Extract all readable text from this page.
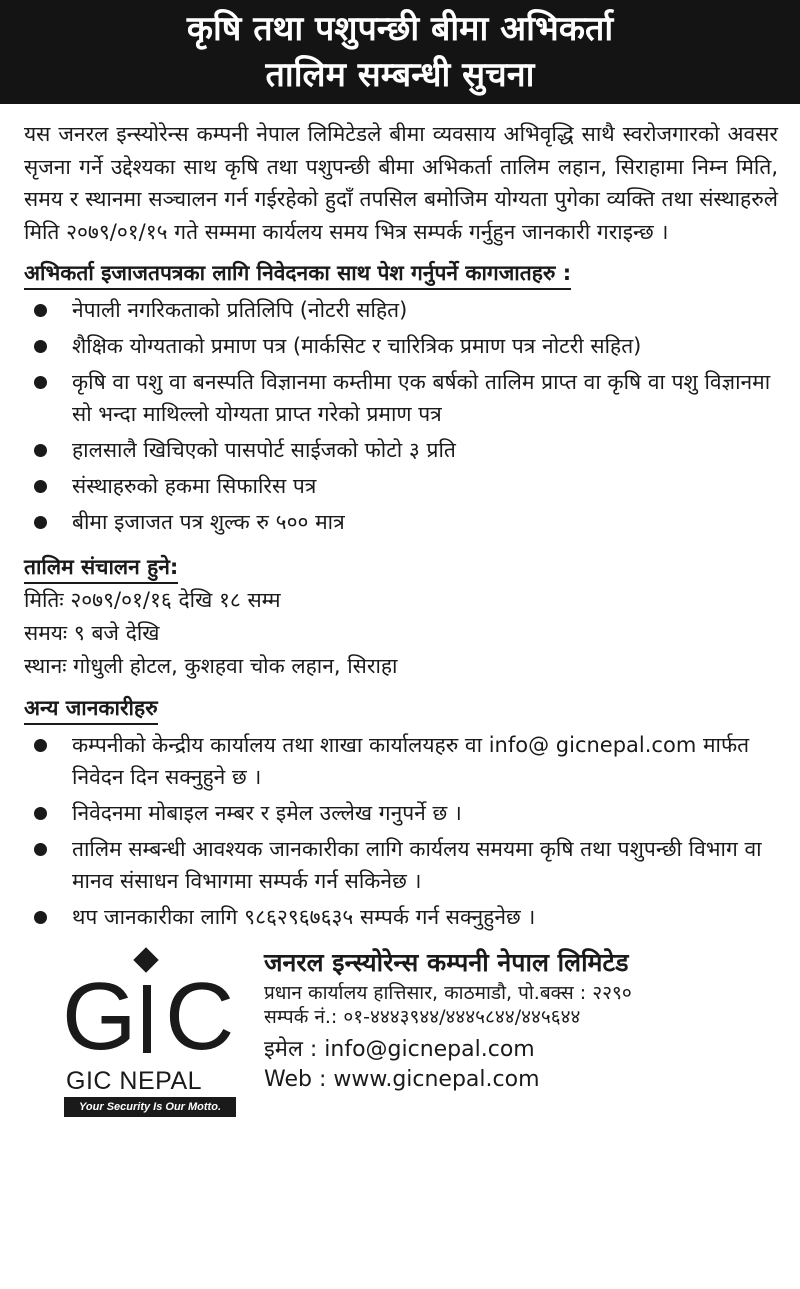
कृषि तथा पशुपन्छी बीमा अभिकर्ता
तालिम सम्बन्धी सुचना

यस जनरल इन्स्योरेन्स कम्पनी नेपाल लिमिटेडले बीमा व्यवसाय अभिवृद्धि साथै स्वरोजगारको अवसर सृजना गर्ने उद्देश्यका साथ कृषि तथा पशुपन्छी बीमा अभिकर्ता तालिम लहान, सिराहामा निम्न मिति, समय र स्थानमा सञ्चालन गर्न गईरहेको हुदाँ तपसिल बमोजिम योग्यता पुगेका व्यक्ति तथा संस्थाहरुले मिति २०७९/०१/१५ गते सम्ममा कार्यलय समय भित्र सम्पर्क गर्नुहुन जानकारी गराइन्छ ।

अभिकर्ता इजाजतपत्रका लागि निवेदनका साथ पेश गर्नुपर्ने कागजातहरु :
नेपाली नगरिकताको प्रतिलिपि (नोटरी सहित)
शैक्षिक योग्यताको प्रमाण पत्र (मार्कसिट र चारित्रिक प्रमाण पत्र नोटरी सहित)
कृषि वा पशु वा बनस्पति विज्ञानमा कम्तीमा एक बर्षको तालिम प्राप्त वा कृषि वा पशु विज्ञानमा सो भन्दा माथिल्लो योग्यता प्राप्त गरेको प्रमाण पत्र
हालसालै खिचिएको पासपोर्ट साईजको फोटो ३ प्रति
संस्थाहरुको हकमा सिफारिस पत्र
बीमा इजाजत पत्र शुल्क रु ५०० मात्र
तालिम संचालन हुने:

मितिः २०७९/०१/१६ देखि १८ सम्म

समयः ९ बजे देखि

स्थानः गोधुली होटल, कुशहवा चोक लहान, सिराहा

अन्य जानकारीहरु
कम्पनीको केन्द्रीय कार्यालय तथा शाखा कार्यालयहरु वा info@ gicnepal.com मार्फत निवेदन दिन सक्नुहुने छ ।
निवेदनमा मोबाइल नम्बर र इमेल उल्लेख गनुपर्ने छ ।
तालिम सम्बन्धी आवश्यक जानकारीका लागि कार्यलय समयमा कृषि तथा पशुपन्छी विभाग वा मानव संसाधन विभागमा सम्पर्क गर्न सकिनेछ ।
थप जानकारीका लागि ९८६२९६७६३५ सम्पर्क गर्न सक्नुहुनेछ ।
G C
GIC NEPAL
Your Security Is Our Motto.
जनरल इन्स्योरेन्स कम्पनी नेपाल लिमिटेड
प्रधान कार्यालय हात्तिसार, काठमाडौ, पो.बक्स : २२९०
सम्पर्क नं.: ०१-४४४३९४४/४४४५८४४/४४५६४४
इमेल : info@gicnepal.com
Web : www.gicnepal.com
